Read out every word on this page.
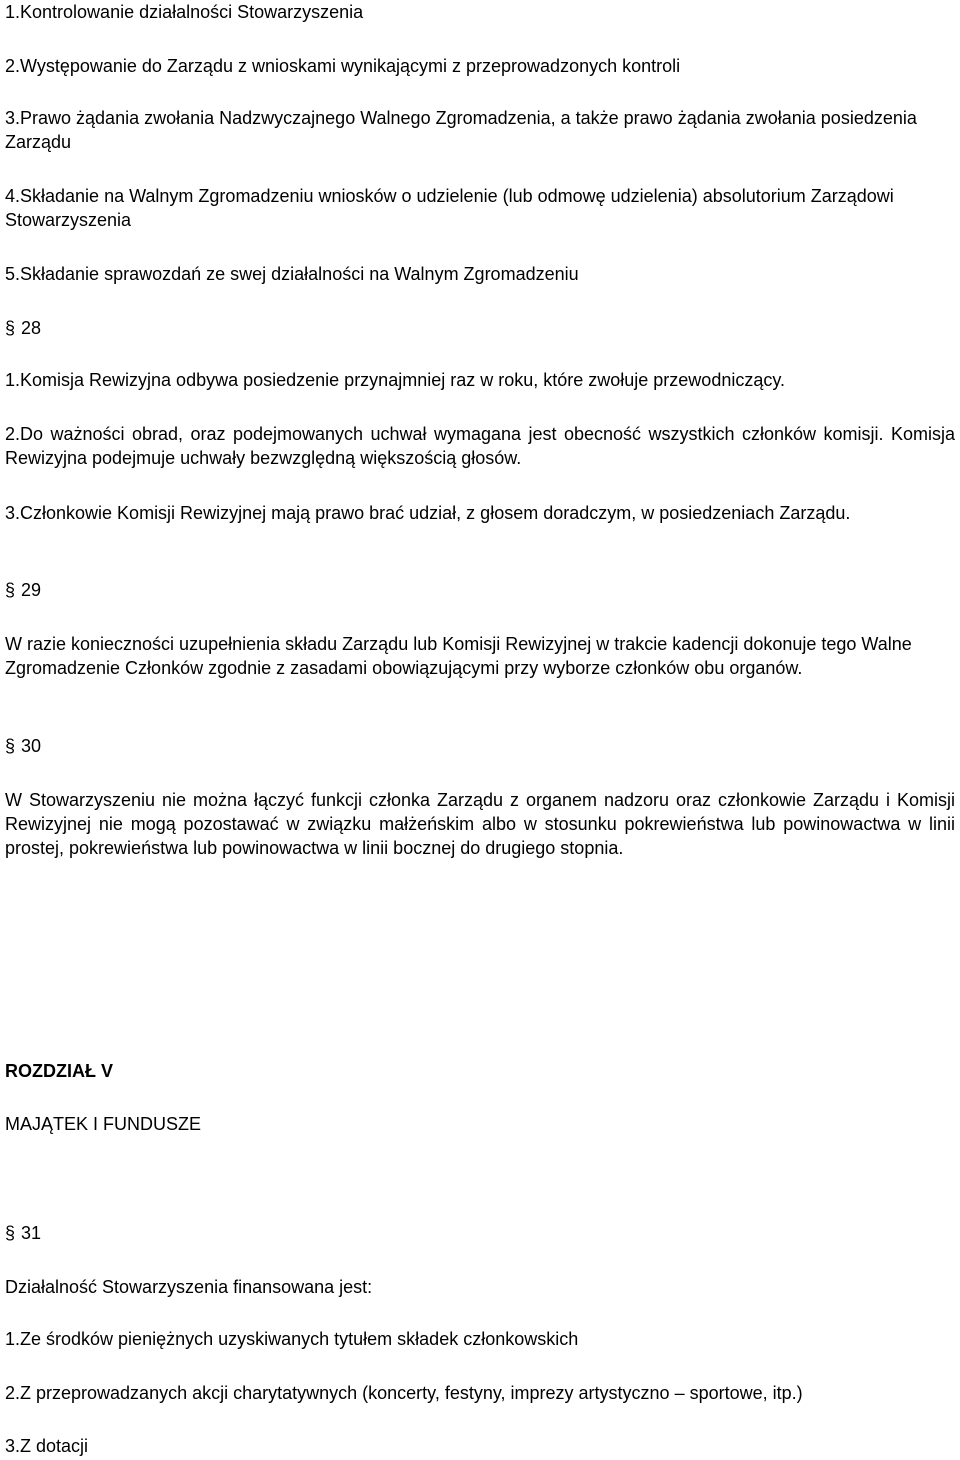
1.Kontrolowanie działalności Stowarzyszenia
2.Występowanie do Zarządu z wnioskami wynikającymi z przeprowadzonych kontroli
3.Prawo żądania zwołania Nadzwyczajnego Walnego Zgromadzenia, a także prawo żądania zwołania posiedzenia Zarządu
4.Składanie na Walnym Zgromadzeniu wniosków o udzielenie (lub odmowę udzielenia) absolutorium Zarządowi Stowarzyszenia
5.Składanie sprawozdań ze swej działalności na Walnym Zgromadzeniu
§ 28
1.Komisja Rewizyjna odbywa posiedzenie przynajmniej raz w roku, które zwołuje przewodniczący.
2.Do ważności obrad, oraz podejmowanych uchwał wymagana jest obecność wszystkich członków komisji. Komisja Rewizyjna podejmuje uchwały bezwzględną większością głosów.
3.Członkowie Komisji Rewizyjnej mają prawo brać udział, z głosem doradczym, w posiedzeniach Zarządu.
§ 29
W razie konieczności uzupełnienia składu Zarządu lub Komisji Rewizyjnej w trakcie kadencji dokonuje tego Walne Zgromadzenie Członków zgodnie z zasadami obowiązującymi przy wyborze członków obu organów.
§ 30
W Stowarzyszeniu nie można łączyć funkcji członka Zarządu z organem nadzoru oraz członkowie Zarządu i Komisji Rewizyjnej nie mogą pozostawać w związku małżeńskim albo w stosunku pokrewieństwa lub powinowactwa w linii prostej, pokrewieństwa lub powinowactwa w linii bocznej do drugiego stopnia.
ROZDZIAŁ V
MAJĄTEK I FUNDUSZE
§ 31
Działalność Stowarzyszenia finansowana jest:
1.Ze środków pieniężnych uzyskiwanych tytułem składek członkowskich
2.Z przeprowadzanych akcji charytatywnych (koncerty, festyny, imprezy artystyczno – sportowe, itp.)
3.Z dotacji
